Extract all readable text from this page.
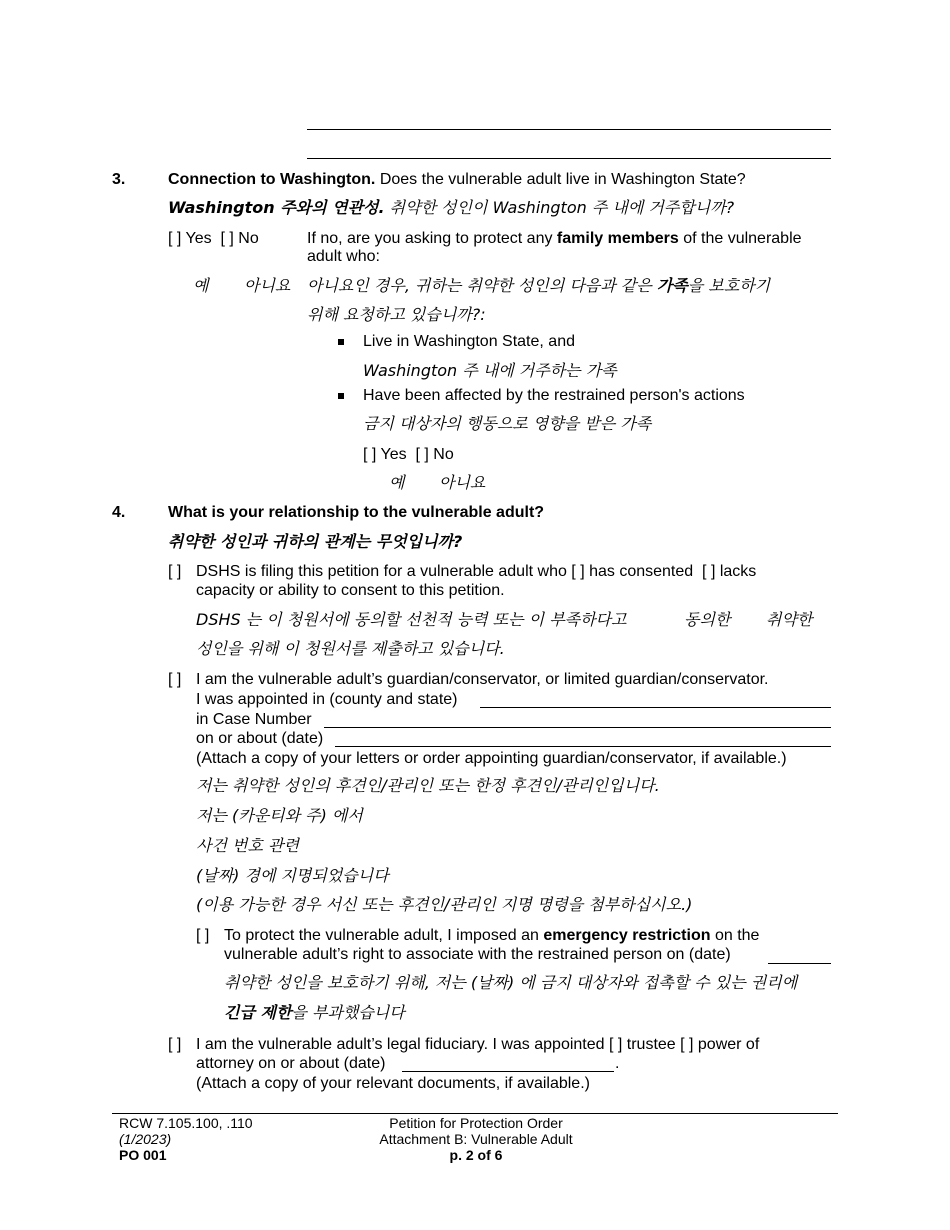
3.	Connection to Washington. Does the vulnerable adult live in Washington State?
Washington 주와의 연관성. 취약한 성인이 Washington 주 내에 거주합니까?
[ ] Yes  [ ] No
예 아니요
If no, are you asking to protect any family members of the vulnerable
adult who:
아니요인 경우, 귀하는 취약한 성인의 다음과 같은 가족을 보호하기
위해 요청하고 있습니까?:
Live in Washington State, and
Washington 주 내에 거주하는 가족
Have been affected by the restrained person's actions
금지 대상자의 행동으로 영향을 받은 가족
[ ] Yes  [ ] No
예 아니요
4.	What is your relationship to the vulnerable adult?
취약한 성인과 귀하의 관계는 무엇입니까?
[ ] DSHS is filing this petition for a vulnerable adult who [ ] has consented  [ ] lacks
capacity or ability to consent to this petition.
DSHS 는 이 청원서에 동의할 선천적 능력 또는 이 부족하다고	동의한 취약한
성인을 위해 이 청원서를 제출하고 있습니다.
[ ] I am the vulnerable adult’s guardian/conservator, or limited guardian/conservator.
I was appointed in (county and state)
in Case Number
on or about (date)
(Attach a copy of your letters or order appointing guardian/conservator, if available.)
저는 취약한 성인의 후견인/관리인 또는 한정 후견인/관리인입니다.
저는 (카운티와 주) 에서
사건 번호 관련
(날짜) 경에 지명되었습니다
(이용 가능한 경우 서신 또는 후견인/관리인 지명 명령을 첨부하십시오.)
[ ] To protect the vulnerable adult, I imposed an emergency restriction on the
vulnerable adult’s right to associate with the restrained person on (date)
취약한 성인을 보호하기 위해, 저는 (날짜) 에 금지 대상자와 접촉할 수 있는 권리에
긴급 제한을 부과했습니다
[ ] I am the vulnerable adult’s legal fiduciary. I was appointed [ ] trustee [ ] power of
attorney on or about (date)	.
(Attach a copy of your relevant documents, if available.)
RCW 7.105.100, .110
(1/2023)
PO 001
Petition for Protection Order
Attachment B: Vulnerable Adult
p. 2 of 6
